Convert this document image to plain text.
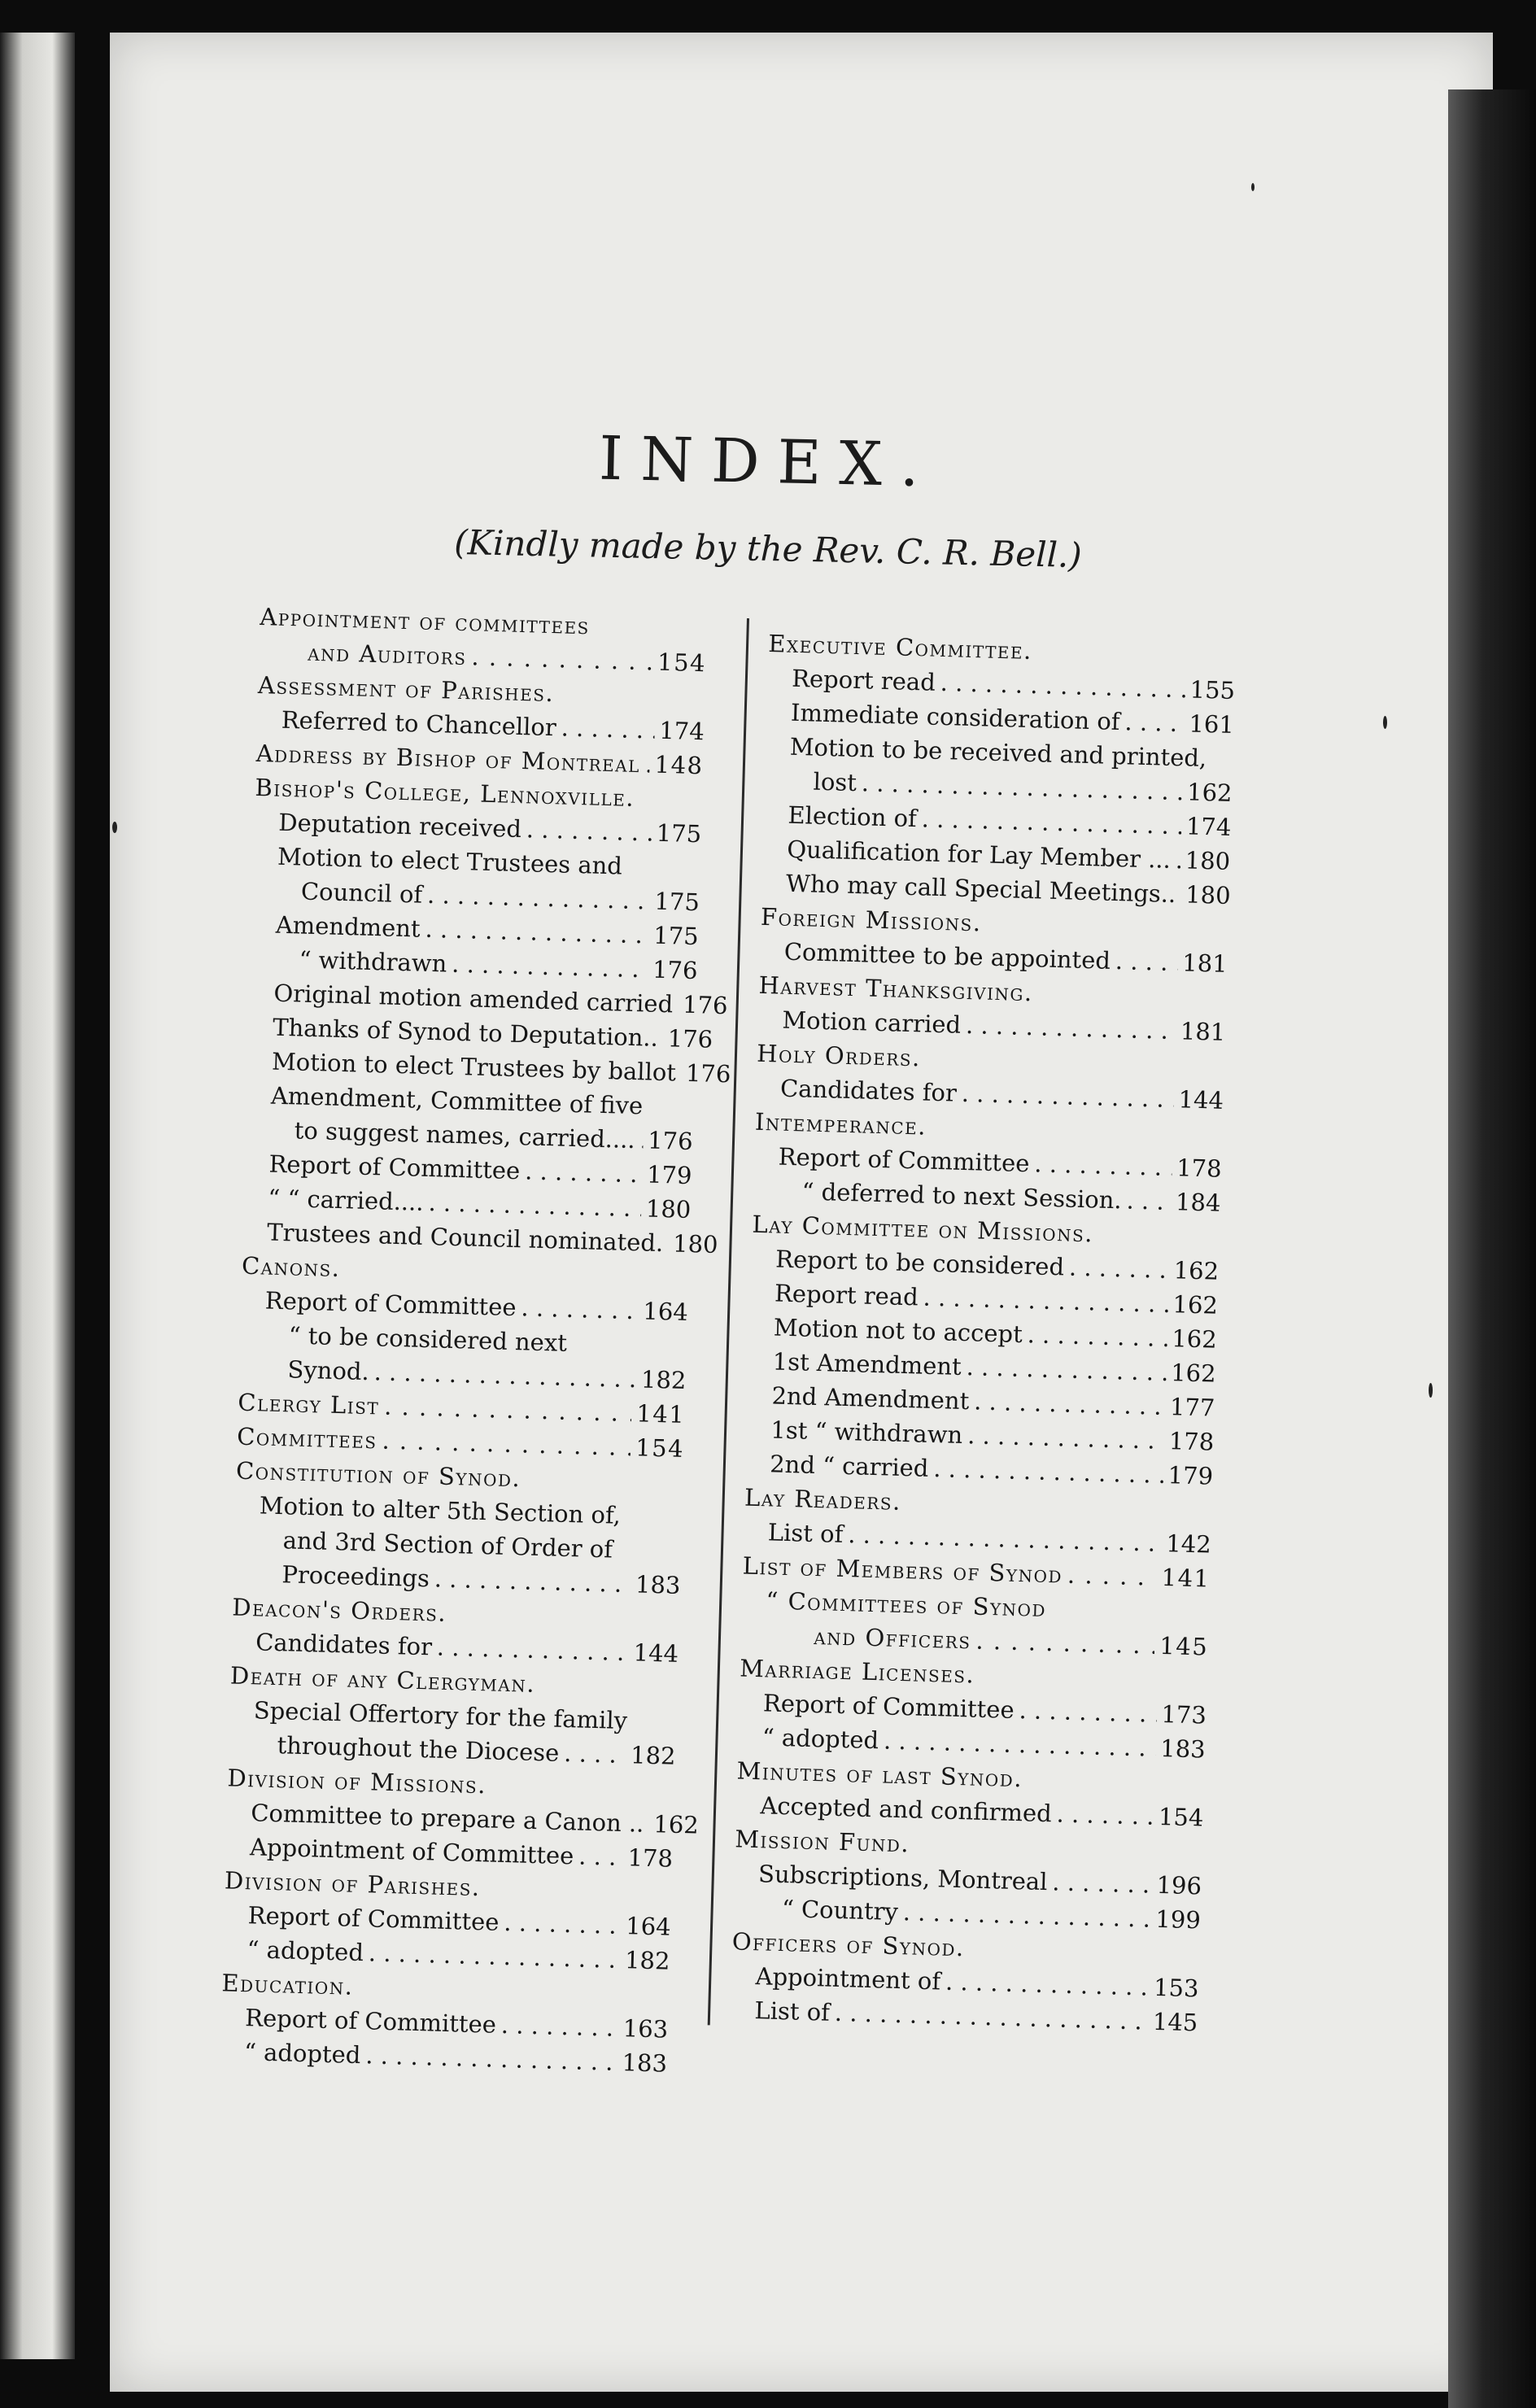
INDEX.
(Kindly made by the Rev. C. R. Bell.)
Appointment of committees
and Auditors . . .	154
Assessment of Parishes.
Referred to Chancellor . . .	174
Address by Bishop of Montreal . . . 148
Bishop's College, Lennoxville.
Deputation received . . .	175
Motion to elect Trustees and
Council of . . .	175
Amendment . . .	175
“ withdrawn . . .	176
Original motion amended carried . . . 176
Thanks of Synod to Deputation.. . . . 176
Motion to elect Trustees by ballot . . . 176
Amendment, Committee of five
to suggest names, carried.... . . . 176
Report of Committee . . .	179
“ “ carried.... . . .	180
Trustees and Council nominated. . . . 180
Canons.
Report of Committee . . .	164
“ to be considered next
Synod. . . .	182
Clergy List . . .	141
Committees . . .	154
Constitution of Synod.
Motion to alter 5th Section of,
and 3rd Section of Order of
Proceedings . . .	183
Deacon's Orders.
Candidates for . . .	144
Death of any Clergyman.
Special Offertory for the family
throughout the Diocese . . .	182
Division of Missions.
Committee to prepare a Canon .. . . . 162
Appointment of Committee . . . 178
Division of Parishes.
Report of Committee . . .	164
“ adopted . . .	182
Education.
Report of Committee . . .	163
“ adopted . . .	183
Executive Committee.
Report read . . .	155
Immediate consideration of . . .	161
Motion to be received and printed,
lost . . .	162
Election of . . .	174
Qualification for Lay Member ... . . . 180
Who may call Special Meetings.. . . . 180
Foreign Missions.
Committee to be appointed . . .	181
Harvest Thanksgiving.
Motion carried . . .	181
Holy Orders.
Candidates for . . .	144
Intemperance.
Report of Committee . . .	178
“ deferred to next Session. . . . 184
Lay Committee on Missions.
Report to be considered . . .	162
Report read . . .	162
Motion not to accept . . .	162
1st Amendment . . .	162
2nd Amendment . . .	177
1st “ withdrawn . . .	178
2nd “ carried . . .	179
Lay Readers.
List of . . .	142
List of Members of Synod . . .	141
“ Committees of Synod
and Officers . . .	145
Marriage Licenses.
Report of Committee . . .	173
“ adopted . . .	183
Minutes of last Synod.
Accepted and confirmed . . .	154
Mission Fund.
Subscriptions, Montreal . . .	196
“ Country . . .	199
Officers of Synod.
Appointment of . . .	153
List of . . .	145
